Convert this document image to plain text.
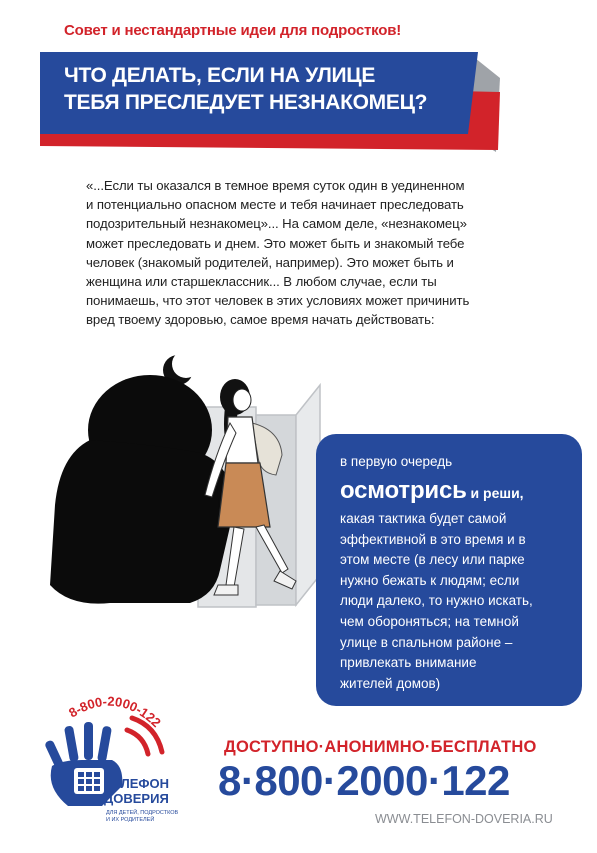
Совет и нестандартные идеи для подростков!
ЧТО ДЕЛАТЬ, ЕСЛИ НА УЛИЦЕ
ТЕБЯ ПРЕСЛЕДУЕТ НЕЗНАКОМЕЦ?
«...Если ты оказался в темное время суток один в уединенном
и потенциально опасном месте и тебя начинает преследовать
подозрительный незнакомец»... На самом деле, «незнакомец»
может преследовать и днем. Это может быть и знакомый тебе
человек (знакомый родителей, например). Это может быть и
женщина или старшеклассник... В любом случае, если ты
понимаешь, что этот человек в этих условиях может причинить
вред твоему здоровью, самое время начать действовать:
в первую очередь
осмотрись и реши,
какая тактика будет самой
эффективной в это время и в
этом месте (в лесу или парке
нужно бежать к людям; если
люди далеко, то нужно искать,
чем обороняться; на темной
улице в спальном районе –
привлекать внимание
жителей домов)
8-800-2000-122
ТЕЛЕФОН
ДОВЕРИЯ
ДЛЯ ДЕТЕЙ, ПОДРОСТКОВ
И ИХ РОДИТЕЛЕЙ
ДОСТУПНО·АНОНИМНО·БЕСПЛАТНО
8·800·2000·122
WWW.TELEFON-DOVERIA.RU
